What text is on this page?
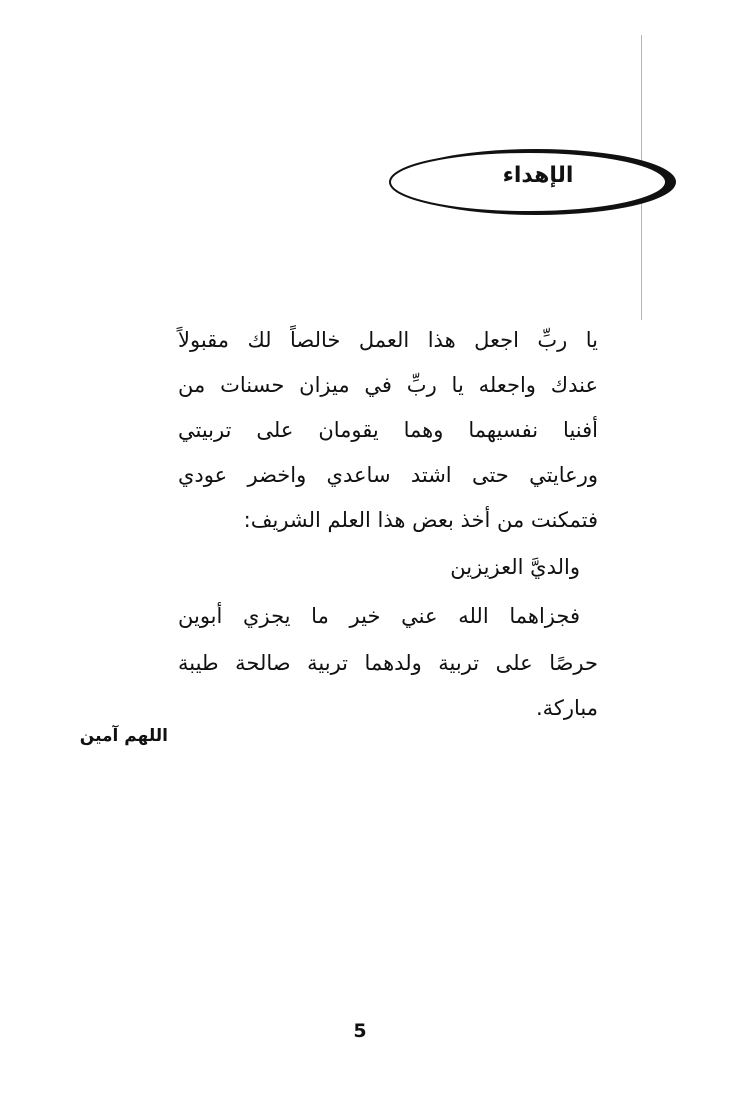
الإهداء
يا ربِّ اجعل هذا العمل خالصاً لك مقبولاً
عندك واجعله يا ربِّ في ميزان حسنات من
أفنيا نفسيهما وهما يقومان على تربيتي
ورعايتي حتى اشتد ساعدي واخضر عودي
فتمكنت من أخذ بعض هذا العلم الشريف:
والديَّ العزيزين
فجزاهما الله عني خير ما يجزي أبوين
حرصًا على تربية ولدهما تربية صالحة طيبة
مباركة.
اللهم آمين
5
